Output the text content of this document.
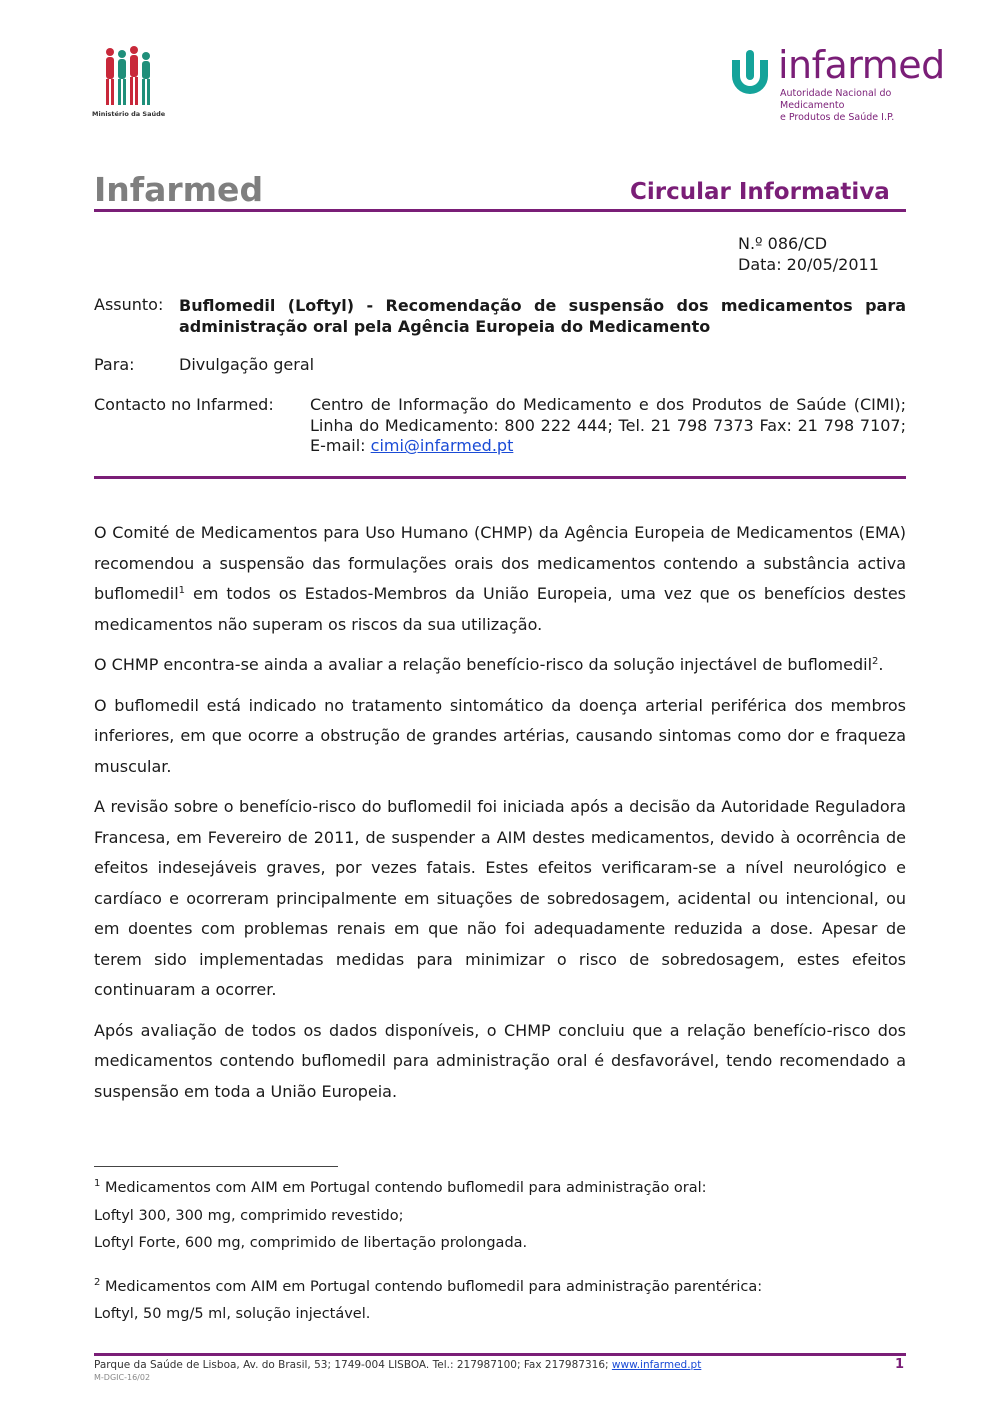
Ministério da Saúde
infarmed
Autoridade Nacional do Medicamento
e Produtos de Saúde I.P.
Infarmed	Circular Informativa
N.º 086/CD
Data: 20/05/2011
Assunto: Buflomedil (Loftyl) - Recomendação de suspensão dos medicamentos para administração oral pela Agência Europeia do Medicamento
Para:	Divulgação geral
Contacto no Infarmed: Centro de Informação do Medicamento e dos Produtos de Saúde (CIMI); Linha do Medicamento: 800 222 444; Tel. 21 798 7373 Fax: 21 798 7107; E-mail: cimi@infarmed.pt

O Comité de Medicamentos para Uso Humano (CHMP) da Agência Europeia de Medicamentos (EMA) recomendou a suspensão das formulações orais dos medicamentos contendo a substância activa buflomedil$^1$ em todos os Estados-Membros da União Europeia, uma vez que os benefícios destes medicamentos não superam os riscos da sua utilização.

O CHMP encontra-se ainda a avaliar a relação benefício-risco da solução injectável de buflomedil$^2$.

O buflomedil está indicado no tratamento sintomático da doença arterial periférica dos membros inferiores, em que ocorre a obstrução de grandes artérias, causando sintomas como dor e fraqueza muscular.

A revisão sobre o benefício-risco do buflomedil foi iniciada após a decisão da Autoridade Reguladora Francesa, em Fevereiro de 2011, de suspender a AIM destes medicamentos, devido à ocorrência de efeitos indesejáveis graves, por vezes fatais. Estes efeitos verificaram-se a nível neurológico e cardíaco e ocorreram principalmente em situações de sobredosagem, acidental ou intencional, ou em doentes com problemas renais em que não foi adequadamente reduzida a dose. Apesar de terem sido implementadas medidas para minimizar o risco de sobredosagem, estes efeitos continuaram a ocorrer.

Após avaliação de todos os dados disponíveis, o CHMP concluiu que a relação benefício-risco dos medicamentos contendo buflomedil para administração oral é desfavorável, tendo recomendado a suspensão em toda a União Europeia.

$^1$ Medicamentos com AIM em Portugal contendo buflomedil para administração oral:
Loftyl 300, 300 mg, comprimido revestido;
Loftyl Forte, 600 mg, comprimido de libertação prolongada.
$^2$ Medicamentos com AIM em Portugal contendo buflomedil para administração parentérica:
Loftyl, 50 mg/5 ml, solução injectável.
Parque da Saúde de Lisboa, Av. do Brasil, 53; 1749-004 LISBOA. Tel.: 217987100; Fax 217987316; www.infarmed.pt
M-DGIC-16/02
1
